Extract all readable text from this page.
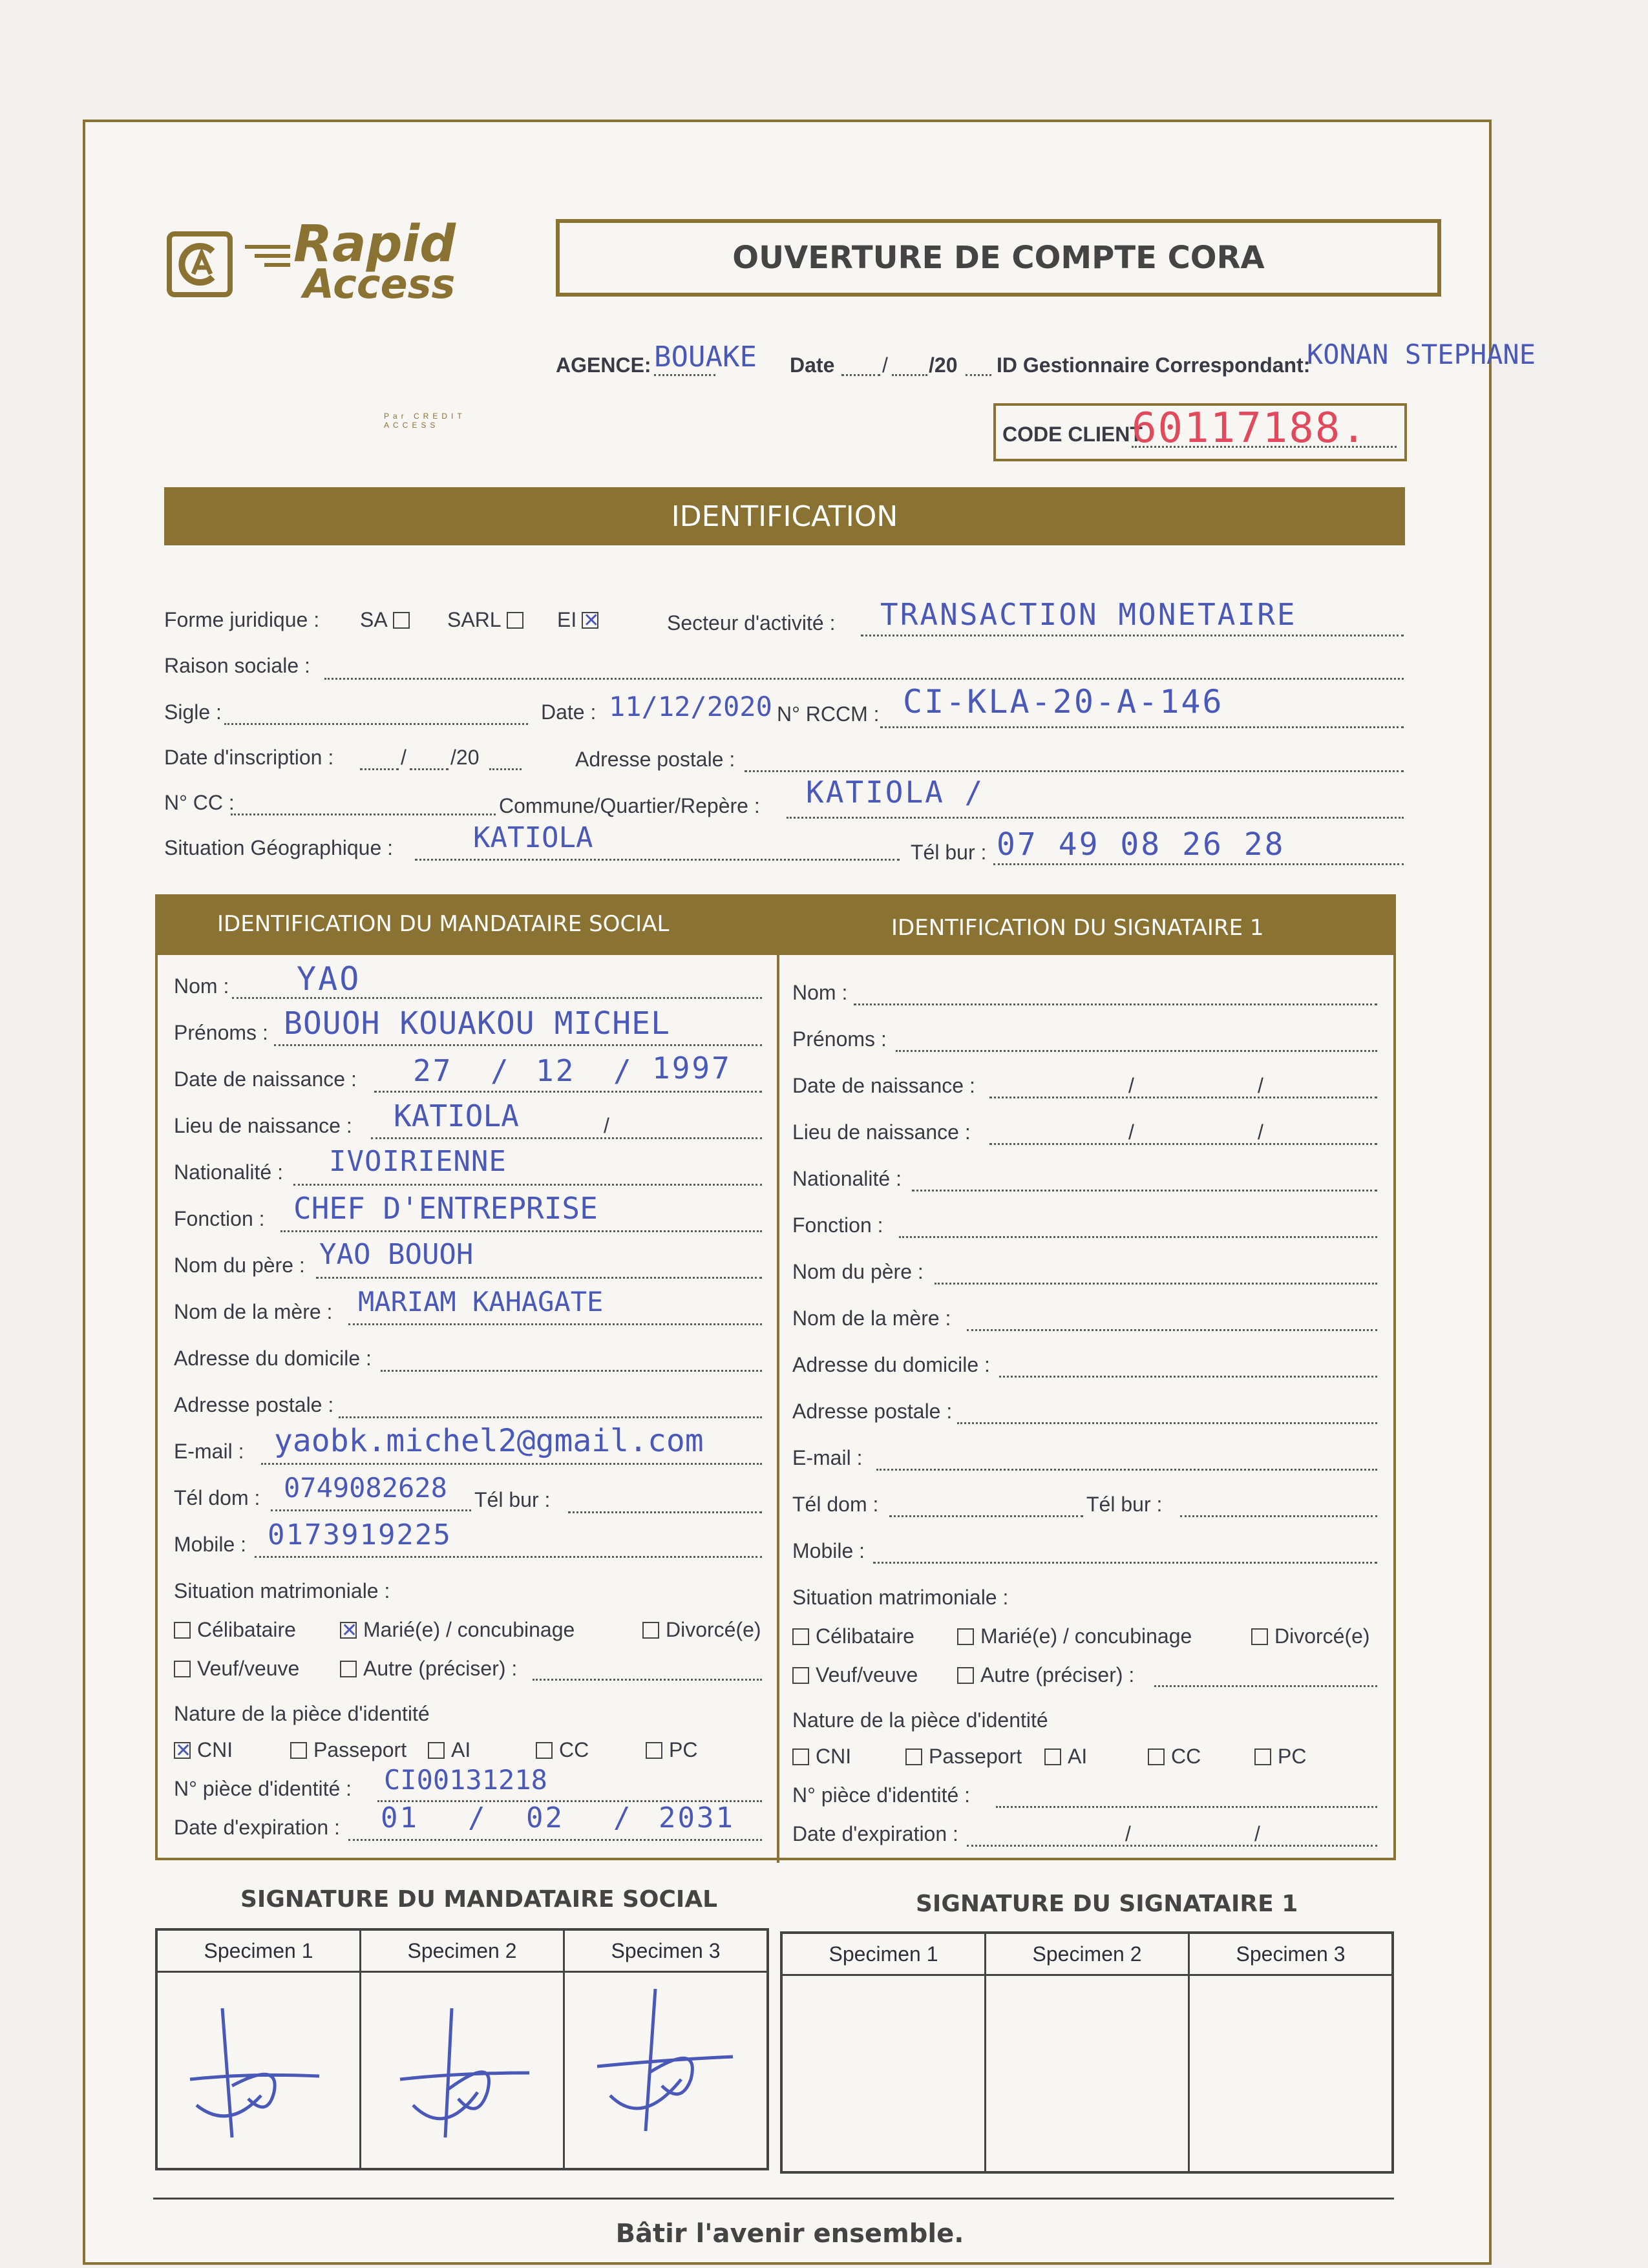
Rapid
Access
Par CREDIT ACCESS
OUVERTURE DE COMPTE CORA
AGENCE: BOUAKE Date / /20 ID Gestionnaire Correspondant:
KONAN STEPHANE
CODE CLIENT
60117188.
IDENTIFICATION
Forme juridique : SA	SARL	EI ✕	Secteur d'activité : TRANSACTION MONETAIRE
Raison sociale :
Sigle :	Date : 11/12/2020 N° RCCM : CI-KLA-20-A-146
Date d'inscription :	/ /20	Adresse postale :
N° CC :	Commune/Quartier/Repère : KATIOLA /
Situation Géographique :	KATIOLA	Tél bur : 07 49 08 26 28
IDENTIFICATION DU MANDATAIRE SOCIAL	IDENTIFICATION DU SIGNATAIRE 1
Nom : YAO
Prénoms : BOUOH KOUAKOU MICHEL
Date de naissance : 27 / 12 / 1997
Lieu de naissance : KATIOLA	/
Nationalité : IVOIRIENNE
Fonction : CHEF D'ENTREPRISE
Nom du père : YAO BOUOH
Nom de la mère : MARIAM KAHAGATE
Adresse du domicile :
Adresse postale :
E-mail : yaobk.michel2@gmail.com
Tél dom : 0749082628 Tél bur :
Mobile : 0173919225
Situation matrimoniale :
Célibataire ✕	Marié(e) / concubinage	Divorcé(e)
Veuf/veuve	Autre (préciser) :
Nature de la pièce d'identité
✕CNI	Passeport	AI	CC	PC
N° pièce d'identité : CI00131218
Date d'expiration : 01 / 02 / 2031
Nom :
Prénoms :
Date de naissance :	/	/
Lieu de naissance :	/	/
Nationalité :
Fonction :
Nom du père :
Nom de la mère :
Adresse du domicile :
Adresse postale :
E-mail :
Tél dom :	Tél bur :
Mobile :
Situation matrimoniale :
Célibataire	Marié(e) / concubinage	Divorcé(e)
Veuf/veuve	Autre (préciser) :
Nature de la pièce d'identité
CNI	Passeport	AI	CC	PC
N° pièce d'identité :
Date d'expiration :	/	/
SIGNATURE DU MANDATAIRE SOCIAL	SIGNATURE DU SIGNATAIRE 1
Specimen 1	Specimen 2	Specimen 3	Specimen 1	Specimen 2	Specimen 3
Bâtir l'avenir ensemble.
